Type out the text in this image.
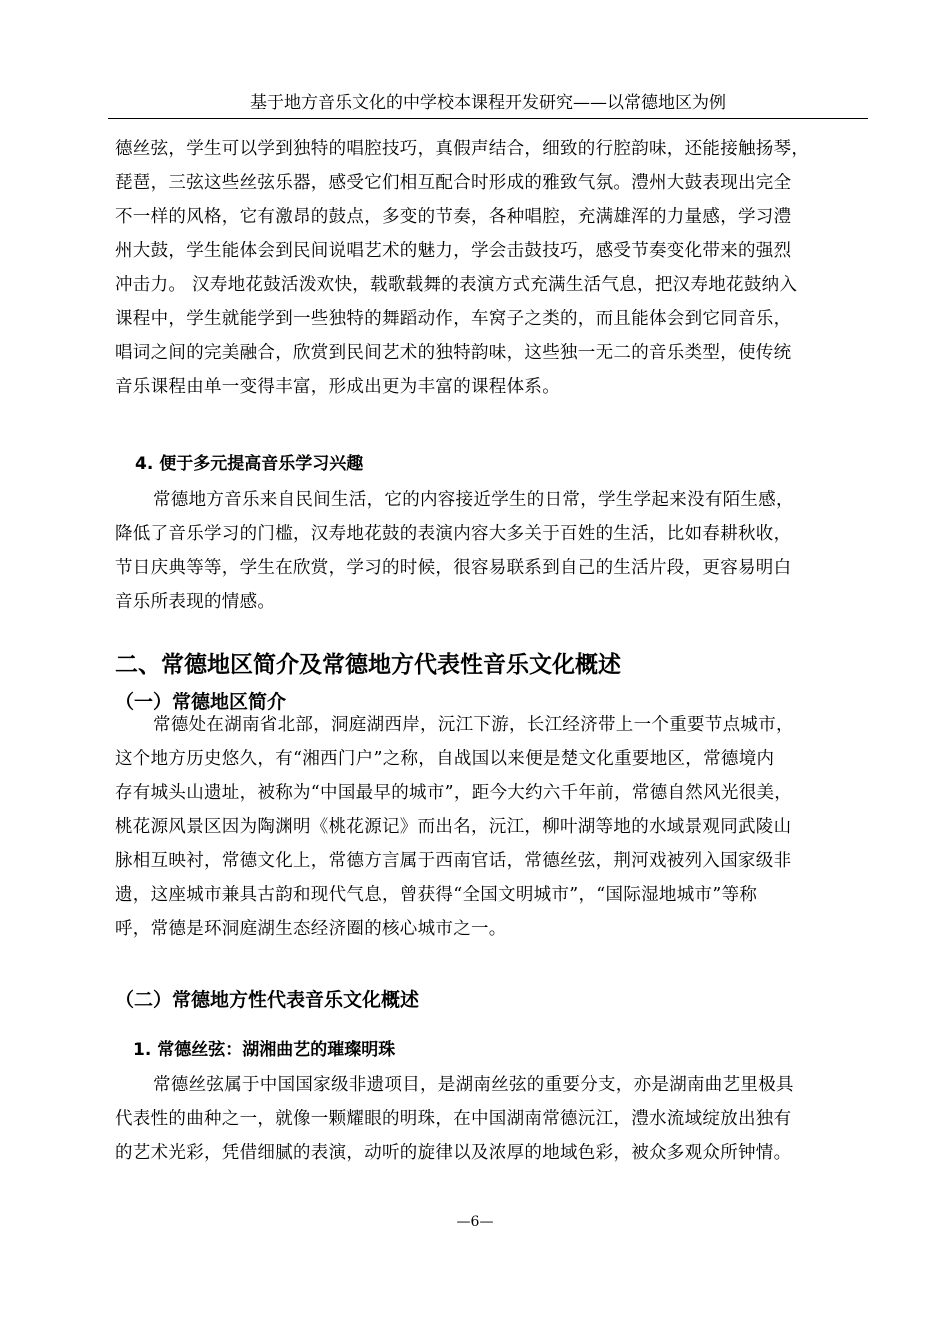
基于地方音乐文化的中学校本课程开发研究——以常德地区为例
德丝弦，学生可以学到独特的唱腔技巧，真假声结合，细致的行腔韵味，还能接触扬琴，
琵琶，三弦这些丝弦乐器，感受它们相互配合时形成的雅致气氛。澧州大鼓表现出完全
不一样的风格，它有激昂的鼓点，多变的节奏，各种唱腔，充满雄浑的力量感，学习澧
州大鼓，学生能体会到民间说唱艺术的魅力，学会击鼓技巧，感受节奏变化带来的强烈
冲击力。 汉寿地花鼓活泼欢快，载歌载舞的表演方式充满生活气息，把汉寿地花鼓纳入
课程中，学生就能学到一些独特的舞蹈动作，车窝子之类的，而且能体会到它同音乐，
唱词之间的完美融合，欣赏到民间艺术的独特韵味，这些独一无二的音乐类型，使传统
音乐课程由单一变得丰富，形成出更为丰富的课程体系。
4. 便于多元提高音乐学习兴趣
常德地方音乐来自民间生活，它的内容接近学生的日常，学生学起来没有陌生感，
降低了音乐学习的门槛，汉寿地花鼓的表演内容大多关于百姓的生活，比如春耕秋收，
节日庆典等等，学生在欣赏，学习的时候，很容易联系到自己的生活片段，更容易明白
音乐所表现的情感。
二、常德地区简介及常德地方代表性音乐文化概述
（一）常德地区简介
常德处在湖南省北部，洞庭湖西岸，沅江下游，长江经济带上一个重要节点城市，
这个地方历史悠久，有“湘西门户”之称，自战国以来便是楚文化重要地区，常德境内
存有城头山遗址，被称为“中国最早的城市”，距今大约六千年前，常德自然风光很美，
桃花源风景区因为陶渊明《桃花源记》而出名，沅江，柳叶湖等地的水域景观同武陵山
脉相互映衬，常德文化上，常德方言属于西南官话，常德丝弦，荆河戏被列入国家级非
遗，这座城市兼具古韵和现代气息，曾获得“全国文明城市”，“国际湿地城市”等称
呼，常德是环洞庭湖生态经济圈的核心城市之一。
（二）常德地方性代表音乐文化概述
1. 常德丝弦：湖湘曲艺的璀璨明珠
常德丝弦属于中国国家级非遗项目，是湖南丝弦的重要分支，亦是湖南曲艺里极具
代表性的曲种之一，就像一颗耀眼的明珠，在中国湖南常德沅江，澧水流域绽放出独有
的艺术光彩，凭借细腻的表演，动听的旋律以及浓厚的地域色彩，被众多观众所钟情。
—6—
